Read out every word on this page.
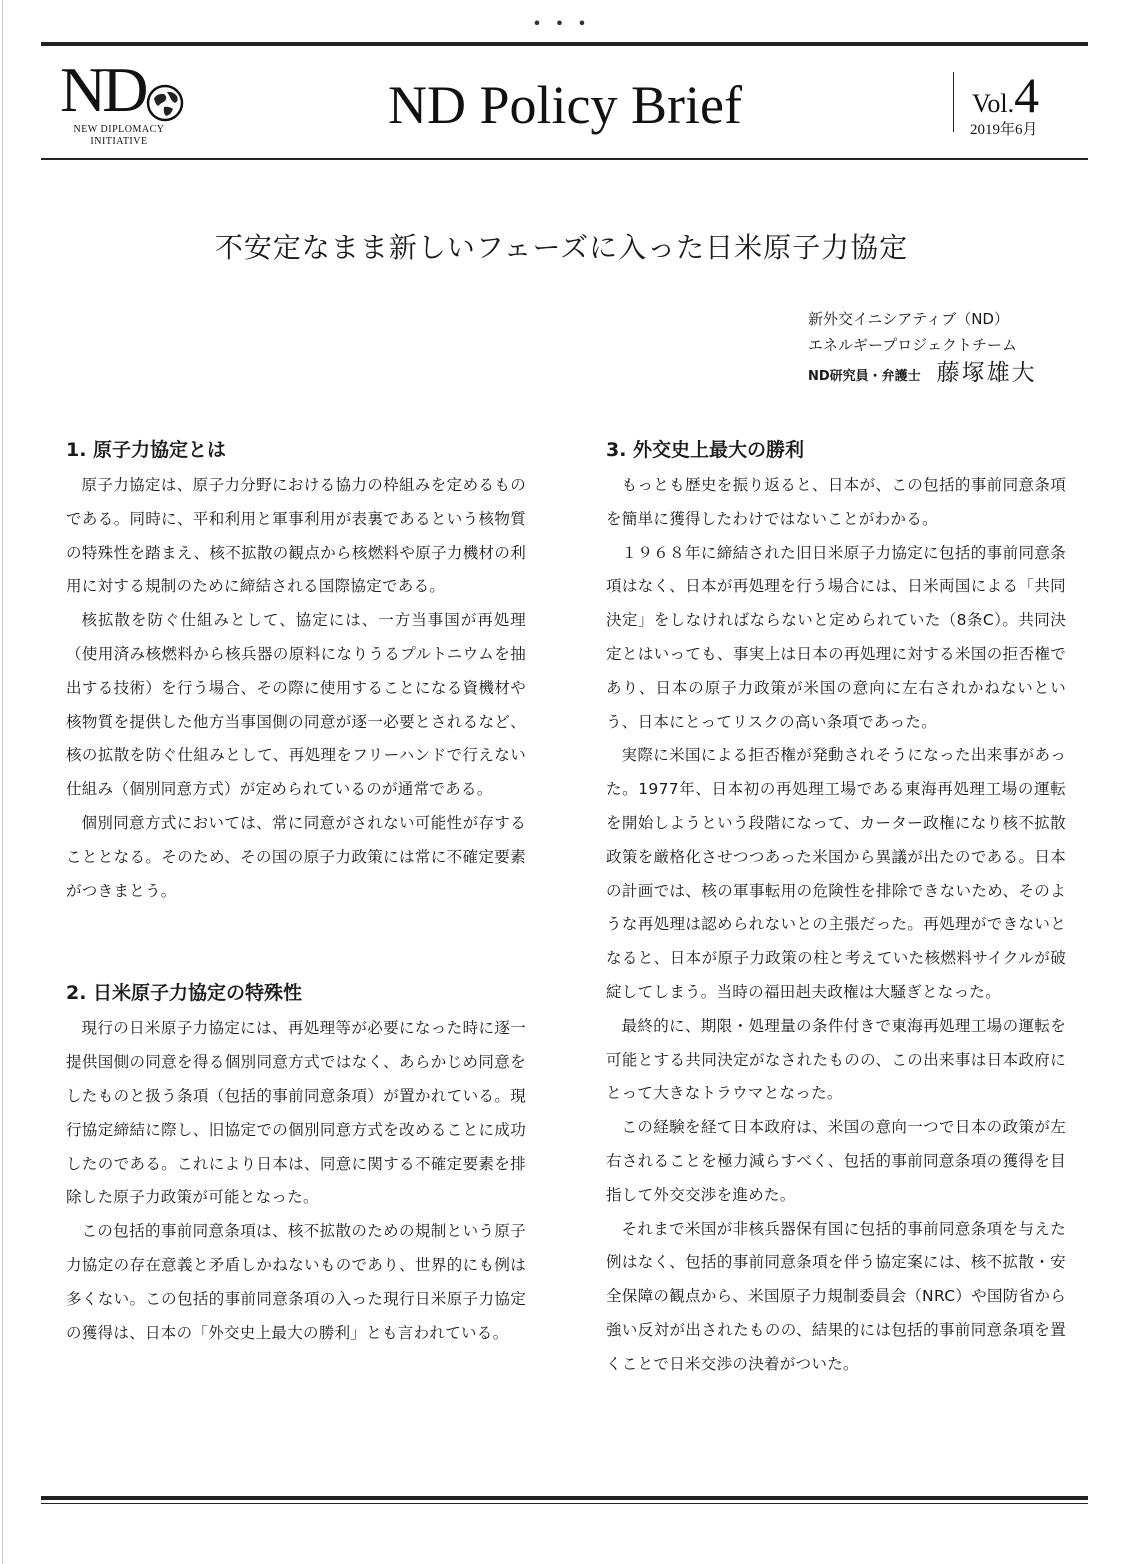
• • •
ND
NEW DIPLOMACY
INITIATIVE
ND Policy Brief	Vol.4
2019年6月
不安定なまま新しいフェーズに入った日米原子力協定
新外交イニシアティブ（ND）
エネルギープロジェクトチーム
ND研究員・弁護士 藤塚雄大
1. 原子力協定とは

原子力協定は、原子力分野における協力の枠組みを定めるものである。同時に、平和利用と軍事利用が表裏であるという核物質の特殊性を踏まえ、核不拡散の観点から核燃料や原子力機材の利用に対する規制のために締結される国際協定である。

核拡散を防ぐ仕組みとして、協定には、一方当事国が再処理（使用済み核燃料から核兵器の原料になりうるプルトニウムを抽出する技術）を行う場合、その際に使用することになる資機材や核物質を提供した他方当事国側の同意が逐一必要とされるなど、核の拡散を防ぐ仕組みとして、再処理をフリーハンドで行えない仕組み（個別同意方式）が定められているのが通常である。

個別同意方式においては、常に同意がされない可能性が存することとなる。そのため、その国の原子力政策には常に不確定要素がつきまとう。

2. 日米原子力協定の特殊性

現行の日米原子力協定には、再処理等が必要になった時に逐一提供国側の同意を得る個別同意方式ではなく、あらかじめ同意をしたものと扱う条項（包括的事前同意条項）が置かれている。現行協定締結に際し、旧協定での個別同意方式を改めることに成功したのである。これにより日本は、同意に関する不確定要素を排除した原子力政策が可能となった。

この包括的事前同意条項は、核不拡散のための規制という原子力協定の存在意義と矛盾しかねないものであり、世界的にも例は多くない。この包括的事前同意条項の入った現行日米原子力協定の獲得は、日本の「外交史上最大の勝利」とも言われている。

3. 外交史上最大の勝利

もっとも歴史を振り返ると、日本が、この包括的事前同意条項を簡単に獲得したわけではないことがわかる。

１９６８年に締結された旧日米原子力協定に包括的事前同意条項はなく、日本が再処理を行う場合には、日米両国による「共同決定」をしなければならないと定められていた（8条C）。共同決定とはいっても、事実上は日本の再処理に対する米国の拒否権であり、日本の原子力政策が米国の意向に左右されかねないという、日本にとってリスクの高い条項であった。

実際に米国による拒否権が発動されそうになった出来事があった。1977年、日本初の再処理工場である東海再処理工場の運転を開始しようという段階になって、カーター政権になり核不拡散政策を厳格化させつつあった米国から異議が出たのである。日本の計画では、核の軍事転用の危険性を排除できないため、そのような再処理は認められないとの主張だった。再処理ができないとなると、日本が原子力政策の柱と考えていた核燃料サイクルが破綻してしまう。当時の福田赳夫政権は大騒ぎとなった。

最終的に、期限・処理量の条件付きで東海再処理工場の運転を可能とする共同決定がなされたものの、この出来事は日本政府にとって大きなトラウマとなった。

この経験を経て日本政府は、米国の意向一つで日本の政策が左右されることを極力減らすべく、包括的事前同意条項の獲得を目指して外交交渉を進めた。

それまで米国が非核兵器保有国に包括的事前同意条項を与えた例はなく、包括的事前同意条項を伴う協定案には、核不拡散・安全保障の観点から、米国原子力規制委員会（NRC）や国防省から強い反対が出されたものの、結果的には包括的事前同意条項を置くことで日米交渉の決着がついた。
